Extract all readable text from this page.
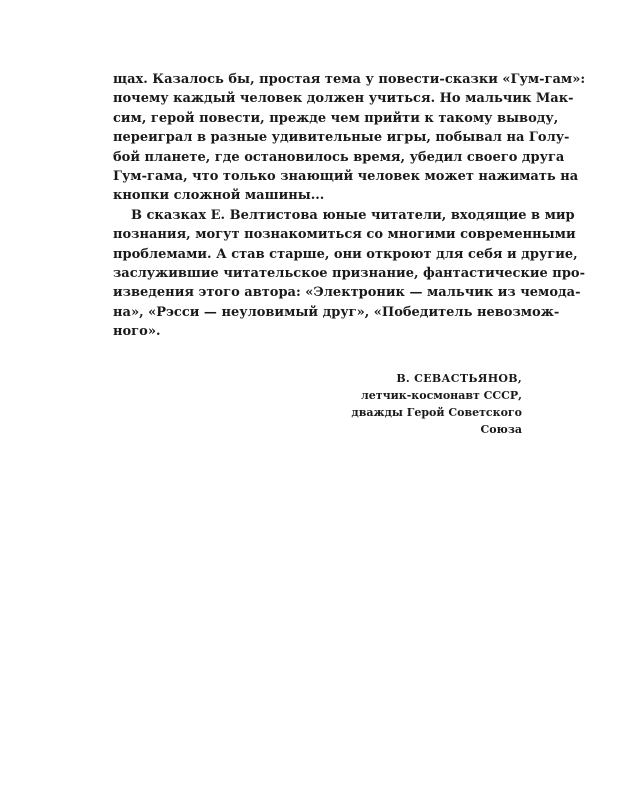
щах. Казалось бы, простая тема у повести-сказки «Гум-гам»:
почему каждый человек должен учиться. Но мальчик Мак-
сим, герой повести, прежде чем прийти к такому выводу,
переиграл в разные удивительные игры, побывал на Голу-
бой планете, где остановилось время, убедил своего друга
Гум-гама, что только знающий человек может нажимать на
кнопки сложной машины...
В сказках Е. Велтистова юные читатели, входящие в мир
познания, могут познакомиться со многими современными
проблемами. А став старше, они откроют для себя и другие,
заслужившие читательское признание, фантастические про-
изведения этого автора: «Электроник — мальчик из чемода-
на», «Рэсси — неуловимый друг», «Победитель невозмож-
ного».
В. СЕВАСТЬЯНОВ,
летчик-космонавт СССР,
дважды Герой Советского
Союза
